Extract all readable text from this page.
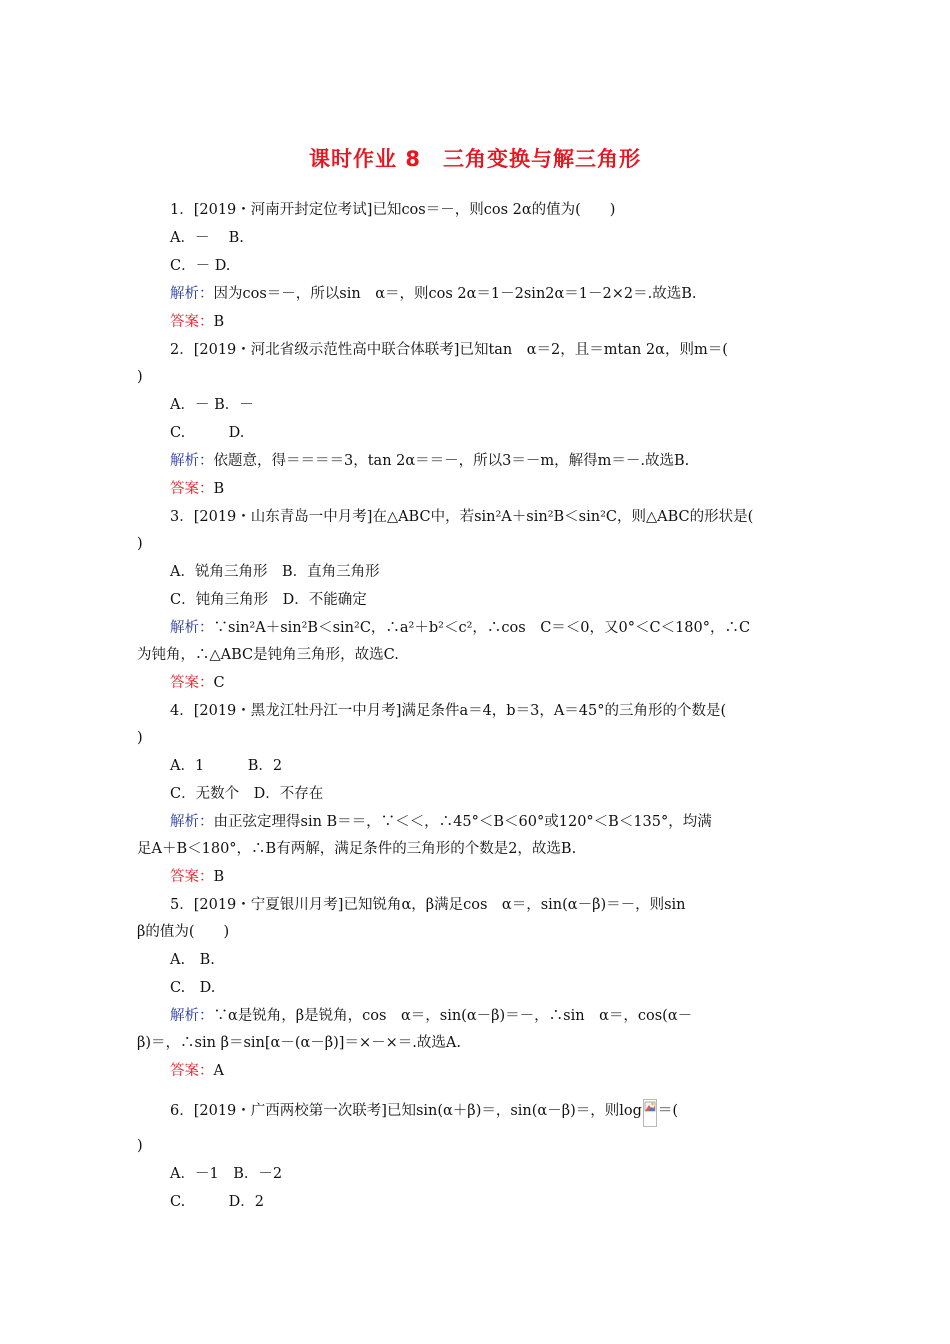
课时作业 8　三角变换与解三角形
1．[2019・河南开封定位考试]已知cos＝－，则cos 2α的值为(　　)
A．－　 B.
C．－ D.
解析：因为cos＝－，所以sin　α＝，则cos 2α＝1－2sin2α＝1－2×2＝.故选B.
答案：B
2．[2019・河北省级示范性高中联合体联考]已知tan　α＝2，且＝mtan 2α，则m＝(
)
A．－ B．－
C.　　　D.
解析：依题意，得＝＝＝＝3，tan 2α＝＝－，所以3＝－m，解得m＝－.故选B.
答案：B
3．[2019・山东青岛一中月考]在△ABC中，若sin²A＋sin²B＜sin²C，则△ABC的形状是(
)
A．锐角三角形　B．直角三角形
C．钝角三角形　D．不能确定
解析：∵sin²A＋sin²B＜sin²C，∴a²＋b²＜c²，∴cos　C＝＜0，又0°＜C＜180°，∴C
为钝角，∴△ABC是钝角三角形，故选C.
答案：C
4．[2019・黑龙江牡丹江一中月考]满足条件a＝4，b＝3，A＝45°的三角形的个数是(
)
A．1　　　B．2
C．无数个　D．不存在
解析：由正弦定理得sin B＝＝，∵＜＜，∴45°＜B＜60°或120°＜B＜135°，均满
足A＋B＜180°，∴B有两解，满足条件的三角形的个数是2，故选B.
答案：B
5．[2019・宁夏银川月考]已知锐角α，β满足cos　α＝，sin(α－β)＝－，则sin
β的值为(　　)
A.　B.
C.　D.
解析：∵α是锐角，β是锐角，cos　α＝，sin(α－β)＝－，∴sin　α＝，cos(α－
β)＝，∴sin β＝sin[α－(α－β)]＝×－×＝.故选A.
答案：A
6．[2019・广西两校第一次联考]已知sin(α＋β)＝，sin(α－β)＝，则log ＝(
)
A．－1　B．－2
C.　　　D．2
